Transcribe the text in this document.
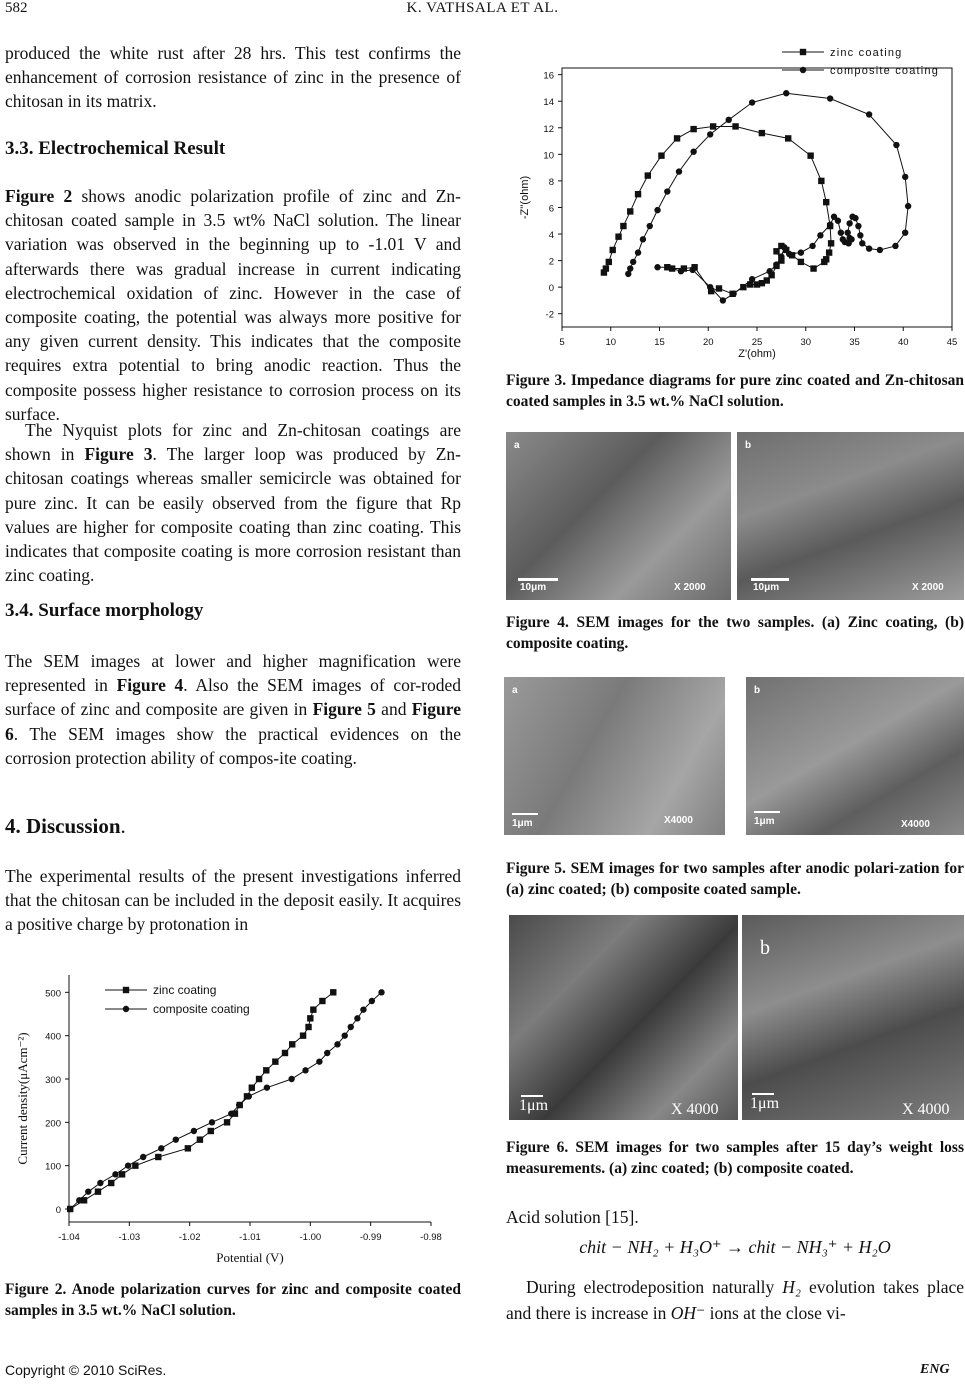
582	K. VATHSALA ET AL.

produced the white rust after 28 hrs. This test confirms the enhancement of corrosion resistance of zinc in the presence of chitosan in its matrix.

3.3. Electrochemical Result

Figure 2 shows anodic polarization profile of zinc and Zn-chitosan coated sample in 3.5 wt% NaCl solution. The linear variation was observed in the beginning up to -1.01 V and afterwards there was gradual increase in current indicating electrochemical oxidation of zinc. However in the case of composite coating, the potential was always more positive for any given current density. This indicates that the composite requires extra potential to bring anodic reaction. Thus the composite possess higher resistance to corrosion process on its surface.

The Nyquist plots for zinc and Zn-chitosan coatings are shown in Figure 3. The larger loop was produced by Zn-chitosan coatings whereas smaller semicircle was obtained for pure zinc. It can be easily observed from the figure that Rp values are higher for composite coating than zinc coating. This indicates that composite coating is more corrosion resistant than zinc coating.

3.4. Surface morphology

The SEM images at lower and higher magnification were represented in Figure 4. Also the SEM images of cor-roded surface of zinc and composite are given in Figure 5 and Figure 6. The SEM images show the practical evidences on the corrosion protection ability of compos-ite coating.

4. Discussion.

The experimental results of the present investigations inferred that the chitosan can be included in the deposit easily. It acquires a positive charge by protonation in

-1.04	-1.03	-1.02	-1.01	-1.00	-0.99	-0.98
0
100
200
300
400
500
Potential (V)
Current density(μAcm⁻²)
zinc coating
composite coating

Figure 2. Anode polarization curves for zinc and composite coated samples in 3.5 wt.% NaCl solution.

5	10	15	20	25	30	35	40	45
-2
0
2
4
6
8
10
12
14
16
Z'(ohm)
-Z''(ohm)
zinc coating
composite coating

Figure 3. Impedance diagrams for pure zinc coated and Zn-chitosan coated samples in 3.5 wt.% NaCl solution.

a
10μm	X 2000
b
10μm	X 2000

Figure 4. SEM images for the two samples. (a) Zinc coating, (b) composite coating.

a
1μm	X4000
b
1μm	X4000

Figure 5. SEM images for two samples after anodic polari-zation for (a) zinc coated; (b) composite coated sample.

1μm	X 4000
b
1μm	X 4000

Figure 6. SEM images for two samples after 15 day’s weight loss measurements. (a) zinc coated; (b) composite coated.

Acid solution [15].

chit − NH₂ + H₃O⁺ → chit − NH₃⁺ + H₂O

During electrodeposition naturally H₂ evolution takes place and there is increase in OH⁻ ions at the close vi-

Copyright © 2010 SciRes.	ENG
